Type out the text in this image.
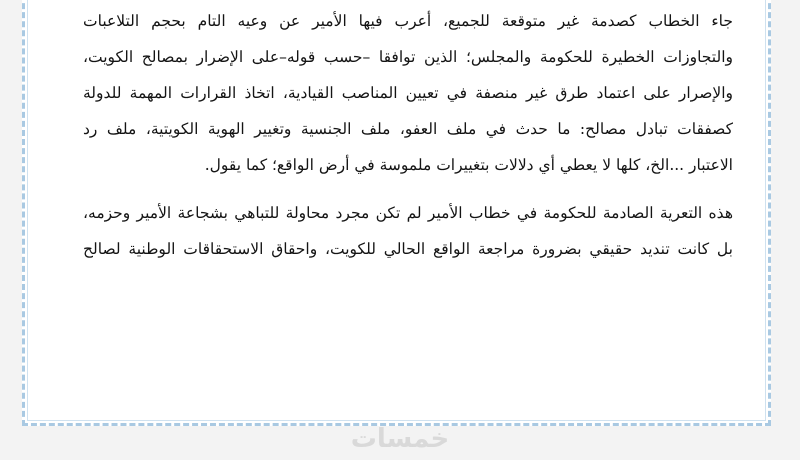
جاء الخطاب كصدمة غير متوقعة للجميع، أعرب فيها الأمير عن وعيه التام بحجم التلاعبات
والتجاوزات الخطيرة للحكومة والمجلس؛ الذين توافقا –حسب قوله–على الإضرار بمصالح الكويت،
والإصرار على اعتماد طرق غير منصفة في تعيين المناصب القيادية، اتخاذ القرارات المهمة للدولة
كصفقات تبادل مصالح: ما حدث في ملف العفو، ملف الجنسية وتغيير الهوية الكويتية، ملف رد
الاعتبار ...الخ، كلها لا يعطي أي دلالات بتغييرات ملموسة في أرض الواقع؛ كما يقول.
هذه التعرية الصادمة للحكومة في خطاب الأمير لم تكن مجرد محاولة للتباهي بشجاعة الأمير وحزمه،
بل كانت تنديد حقيقي بضرورة مراجعة الواقع الحالي للكويت، واحقاق الاستحقاقات الوطنية لصالح
خمسات
